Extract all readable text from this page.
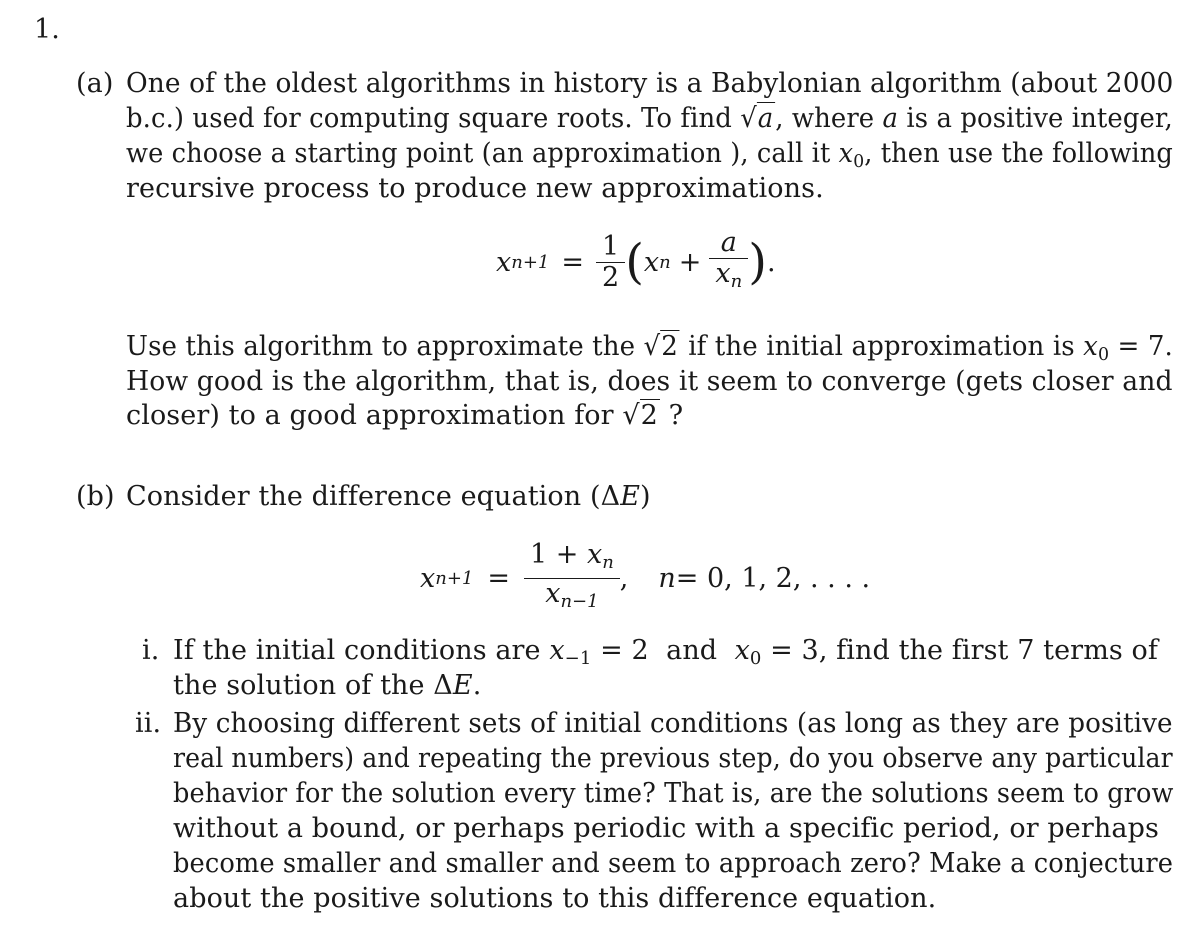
1.
(a) One of the oldest algorithms in history is a Babylonian algorithm (about 2000
b.c.) used for computing square roots. To find √a, where a is a positive integer,
we choose a starting point (an approximation ), call it x0, then use the following
recursive process to produce new approximations.
x $n+1 = \frac{1}{2}$ ( x $n + \frac{a}{x_n}$ ) .
Use this algorithm to approximate the √2 if the initial approximation is x0 = 7.
How good is the algorithm, that is, does it seem to converge (gets closer and
closer) to a good approximation for √2 ?
(b) Consider the difference equation (ΔE)
x $n+1 = \frac{1 + x_n}{x_{n-1}}$ , n = 0, 1, 2, . . . .
i. If the initial conditions are x−1 = 2  and  x0 = 3, find the first 7 terms of
the solution of the ΔE.
ii. By choosing different sets of initial conditions (as long as they are positive
real numbers) and repeating the previous step, do you observe any particular
behavior for the solution every time? That is, are the solutions seem to grow
without a bound, or perhaps periodic with a specific period, or perhaps
become smaller and smaller and seem to approach zero? Make a conjecture
about the positive solutions to this difference equation.
